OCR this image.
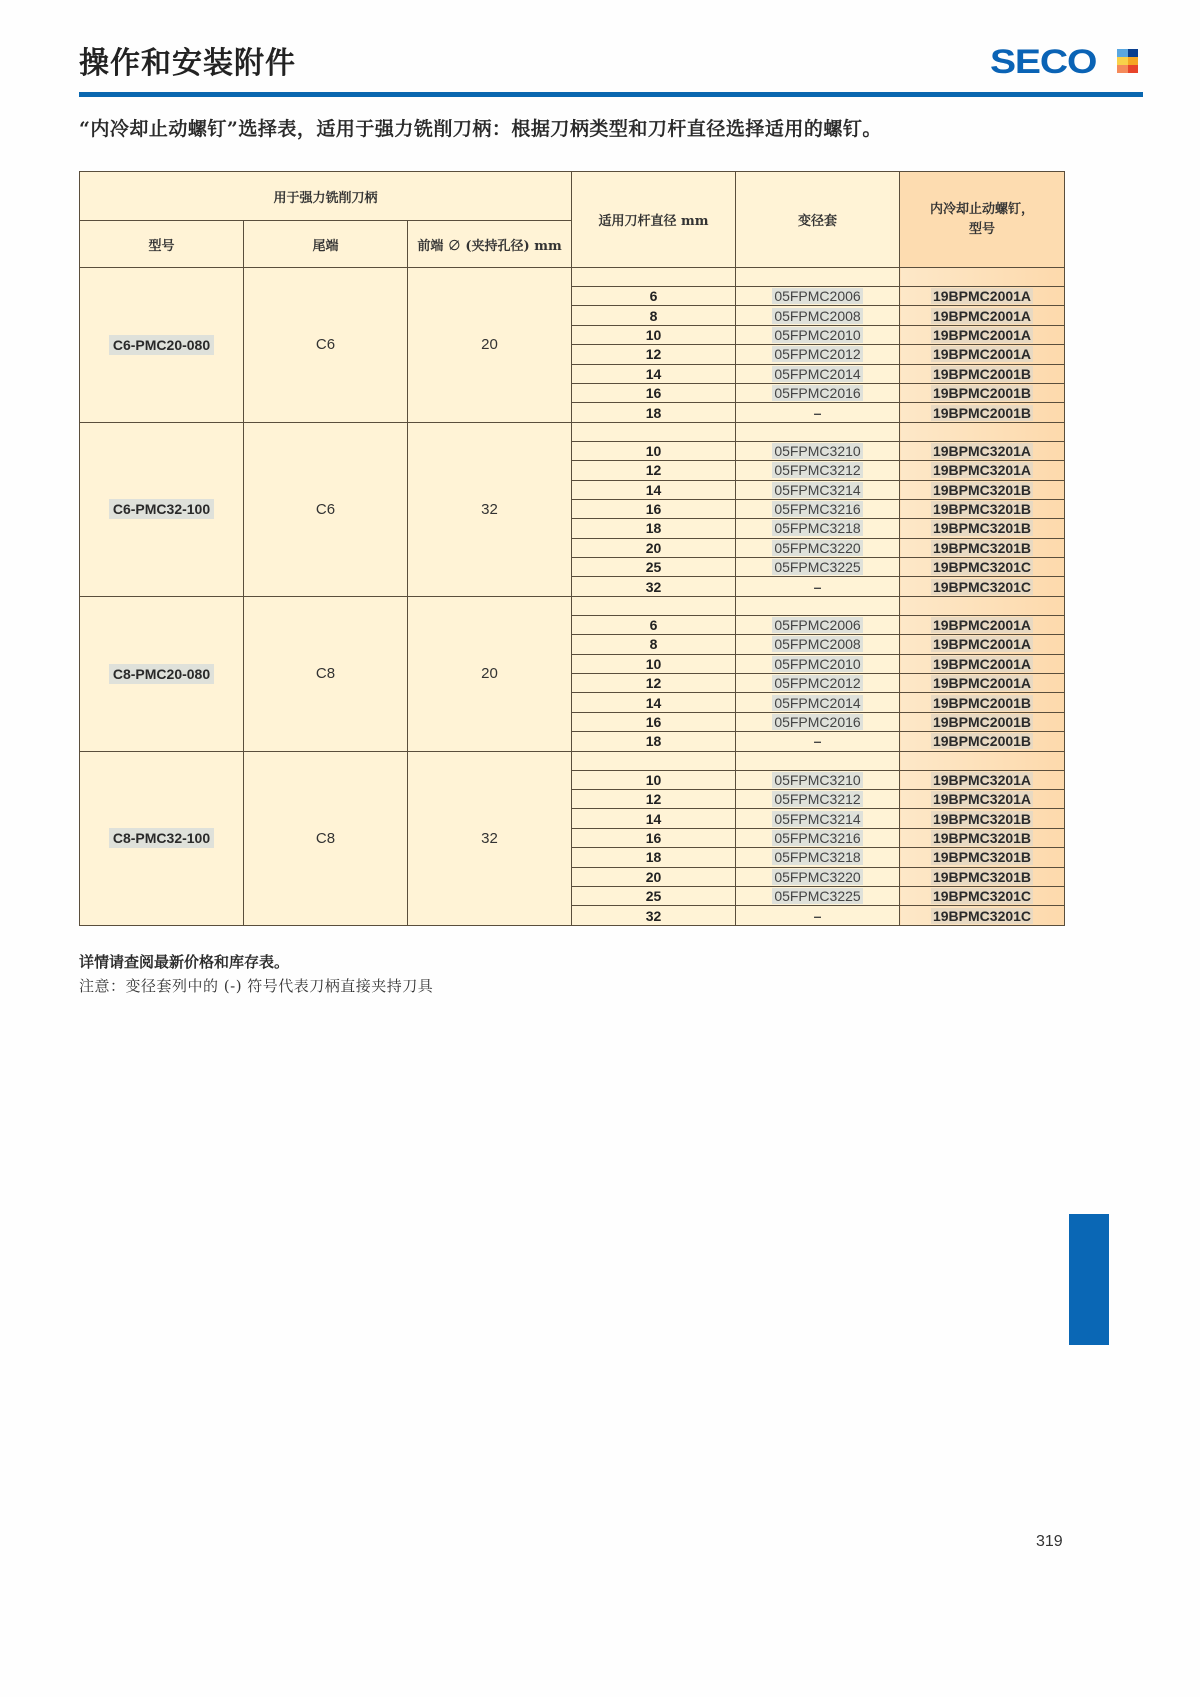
操作和安装附件	SECO
“内冷却止动螺钉”选择表，适用于强力铣削刀柄：根据刀柄类型和刀杆直径选择适用的螺钉。
用于强力铣削刀柄			适用刀杆直径 mm	变径套	内冷却止动螺钉，型号
型号	尾端	前端 ∅ (夹持孔径) mm			
C6-PMC20-080	C6	20			
			6	05FPMC2006	19BPMC2001A
			8	05FPMC2008	19BPMC2001A
			10	05FPMC2010	19BPMC2001A
			12	05FPMC2012	19BPMC2001A
			14	05FPMC2014	19BPMC2001B
			16	05FPMC2016	19BPMC2001B
			18	–	19BPMC2001B
C6-PMC32-100	C6	32			
			10	05FPMC3210	19BPMC3201A
			12	05FPMC3212	19BPMC3201A
			14	05FPMC3214	19BPMC3201B
			16	05FPMC3216	19BPMC3201B
			18	05FPMC3218	19BPMC3201B
			20	05FPMC3220	19BPMC3201B
			25	05FPMC3225	19BPMC3201C
			32	–	19BPMC3201C
C8-PMC20-080	C8	20			
			6	05FPMC2006	19BPMC2001A
			8	05FPMC2008	19BPMC2001A
			10	05FPMC2010	19BPMC2001A
			12	05FPMC2012	19BPMC2001A
			14	05FPMC2014	19BPMC2001B
			16	05FPMC2016	19BPMC2001B
			18	–	19BPMC2001B
C8-PMC32-100	C8	32			
			10	05FPMC3210	19BPMC3201A
			12	05FPMC3212	19BPMC3201A
			14	05FPMC3214	19BPMC3201B
			16	05FPMC3216	19BPMC3201B
			18	05FPMC3218	19BPMC3201B
			20	05FPMC3220	19BPMC3201B
			25	05FPMC3225	19BPMC3201C
			32	–	19BPMC3201C
详情请查阅最新价格和库存表。
注意：变径套列中的 (-) 符号代表刀柄直接夹持刀具
319
